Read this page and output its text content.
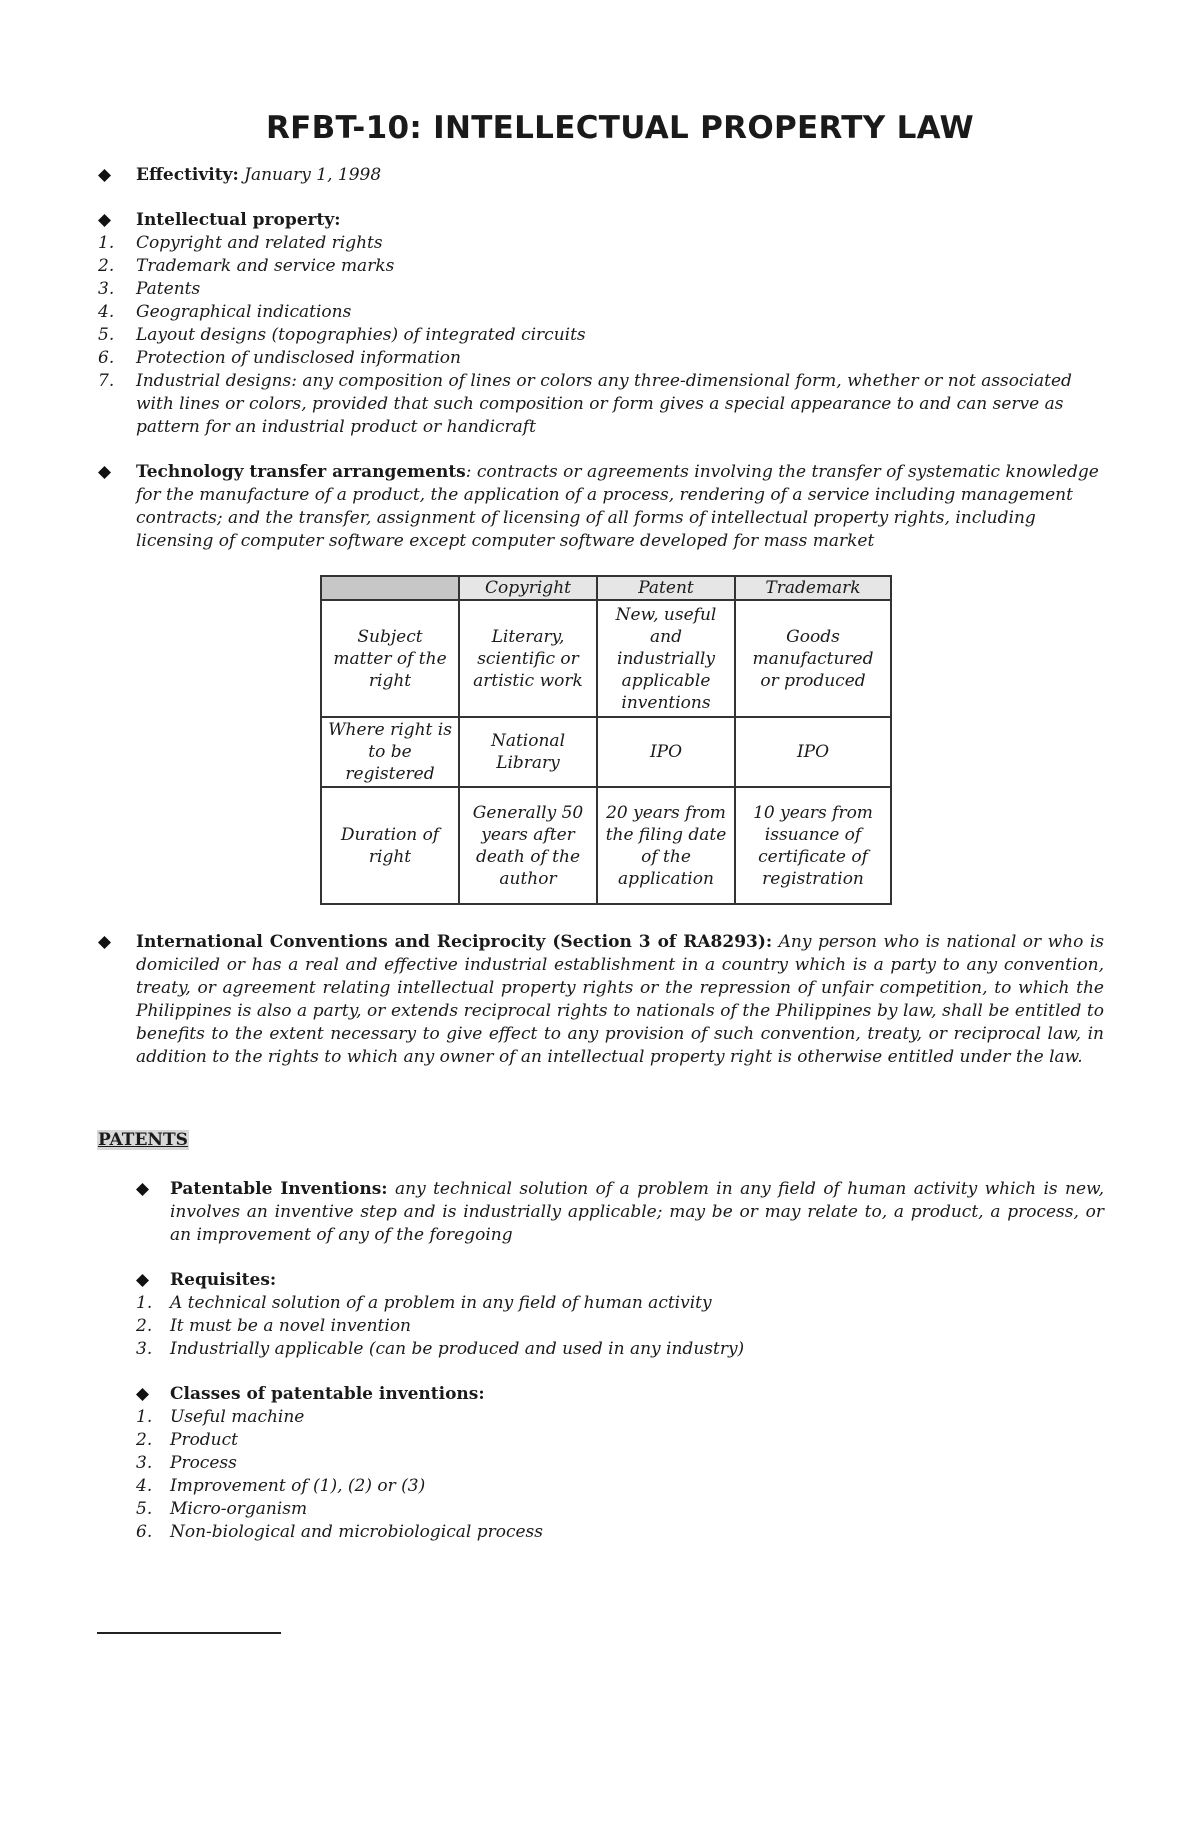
RFBT-10: INTELLECTUAL PROPERTY LAW
Effectivity: January 1, 1998
Intellectual property:
1. Copyright and related rights
2. Trademark and service marks
3. Patents
4. Geographical indications
5. Layout designs (topographies) of integrated circuits
6. Protection of undisclosed information
7. Industrial designs: any composition of lines or colors any three-dimensional form, whether or not associated with lines or colors, provided that such composition or form gives a special appearance to and can serve as pattern for an industrial product or handicraft
Technology transfer arrangements: contracts or agreements involving the transfer of systematic knowledge for the manufacture of a product, the application of a process, rendering of a service including management contracts; and the transfer, assignment of licensing of all forms of intellectual property rights, including licensing of computer software except computer software developed for mass market
	Copyright	Patent	Trademark
Subject matter of the right	Literary, scientific or artistic work	New, useful and industrially applicable inventions	Goods manufactured or produced
Where right is to be registered	National Library	IPO	IPO
Duration of right	Generally 50 years after death of the author	20 years from the filing date of the application	10 years from issuance of certificate of registration
International Conventions and Reciprocity (Section 3 of RA8293): Any person who is national or who is domiciled or has a real and effective industrial establishment in a country which is a party to any convention, treaty, or agreement relating intellectual property rights or the repression of unfair competition, to which the Philippines is also a party, or extends reciprocal rights to nationals of the Philippines by law, shall be entitled to benefits to the extent necessary to give effect to any provision of such convention, treaty, or reciprocal law, in addition to the rights to which any owner of an intellectual property right is otherwise entitled under the law.
PATENTS
Patentable Inventions: any technical solution of a problem in any field of human activity which is new, involves an inventive step and is industrially applicable; may be or may relate to, a product, a process, or an improvement of any of the foregoing
Requisites:
1. A technical solution of a problem in any field of human activity
2. It must be a novel invention
3. Industrially applicable (can be produced and used in any industry)
Classes of patentable inventions:
1. Useful machine
2. Product
3. Process
4. Improvement of (1), (2) or (3)
5. Micro-organism
6. Non-biological and microbiological process
